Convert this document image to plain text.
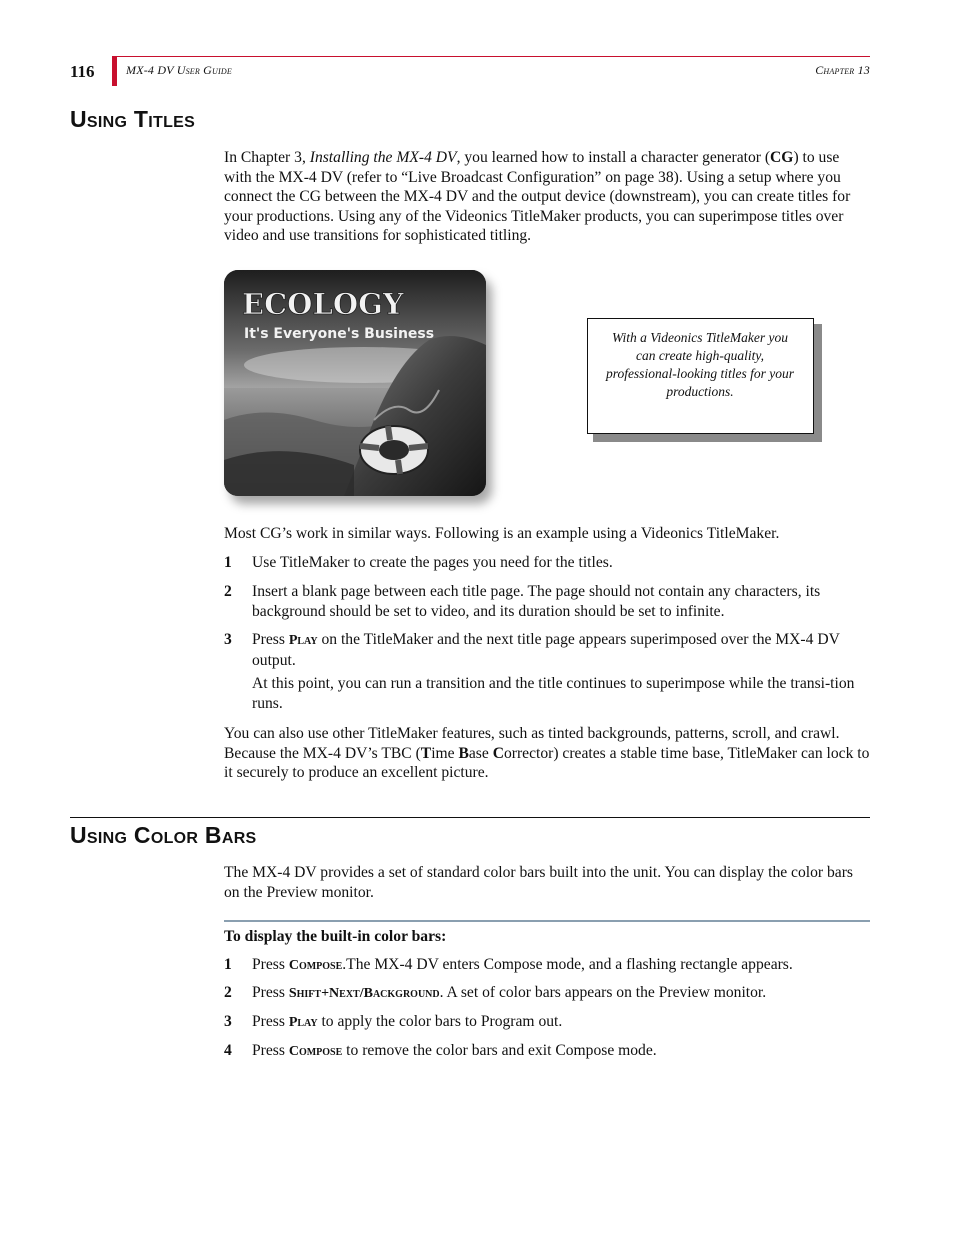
116	MX-4 DV User Guide	Chapter 13
Using Titles
In Chapter 3, Installing the MX-4 DV, you learned how to install a character generator (CG) to use with the MX-4 DV (refer to “Live Broadcast Configuration” on page 38). Using a setup where you connect the CG between the MX-4 DV and the output device (downstream), you can create titles for your productions. Using any of the Videonics TitleMaker products, you can superimpose titles over video and use transitions for sophisticated titling.
ECOLOGY
It's Everyone's Business	With a Videonics TitleMaker you can create high-quality, professional-looking titles for your productions.
Most CG’s work in similar ways. Following is an example using a Videonics TitleMaker.
1 Use TitleMaker to create the pages you need for the titles.
2 Insert a blank page between each title page. The page should not contain any characters, its background should be set to video, and its duration should be set to infinite.
3 Press Play on the TitleMaker and the next title page appears superimposed over the MX-4 DV output.
At this point, you can run a transition and the title continues to superimpose while the transi-tion runs.
You can also use other TitleMaker features, such as tinted backgrounds, patterns, scroll, and crawl. Because the MX-4 DV’s TBC (Time Base Corrector) creates a stable time base, TitleMaker can lock to it securely to produce an excellent picture.
Using Color Bars
The MX-4 DV provides a set of standard color bars built into the unit. You can display the color bars on the Preview monitor.
To display the built-in color bars:
1 Press Compose.The MX-4 DV enters Compose mode, and a flashing rectangle appears.
2 Press Shift+Next/Background. A set of color bars appears on the Preview monitor.
3 Press Play to apply the color bars to Program out.
4 Press Compose to remove the color bars and exit Compose mode.
